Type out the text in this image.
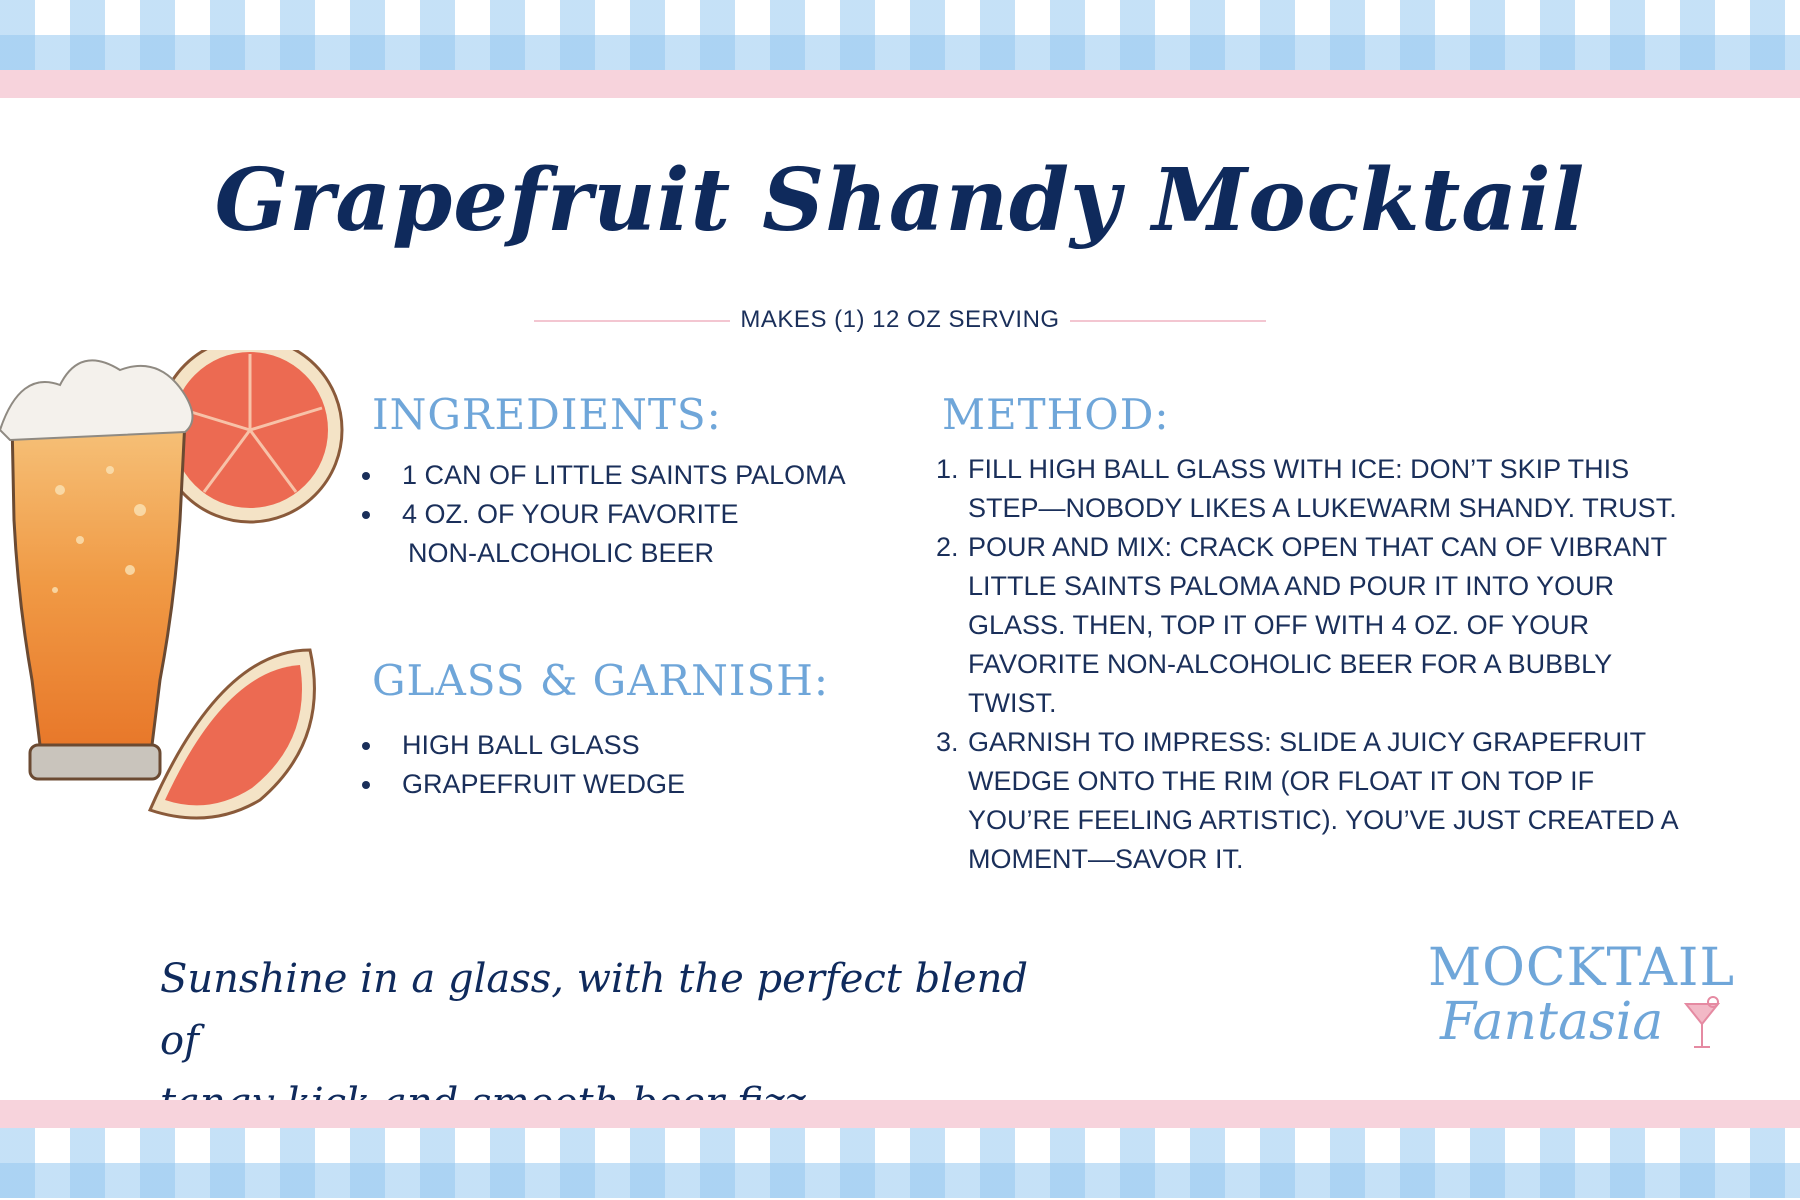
Grapefruit Shandy Mocktail
MAKES (1) 12 OZ SERVING
INGREDIENTS:
1 CAN OF LITTLE SAINTS PALOMA
4 OZ. OF YOUR FAVORITE
NON-ALCOHOLIC BEER
GLASS & GARNISH:
HIGH BALL GLASS
GRAPEFRUIT WEDGE
METHOD:
1. FILL HIGH BALL GLASS WITH ICE: DON’T SKIP THIS
STEP—NOBODY LIKES A LUKEWARM SHANDY. TRUST.
2. POUR AND MIX: CRACK OPEN THAT CAN OF VIBRANT
LITTLE SAINTS PALOMA AND POUR IT INTO YOUR
GLASS. THEN, TOP IT OFF WITH 4 OZ. OF YOUR
FAVORITE NON-ALCOHOLIC BEER FOR A BUBBLY
TWIST.
3. GARNISH TO IMPRESS: SLIDE A JUICY GRAPEFRUIT
WEDGE ONTO THE RIM (OR FLOAT IT ON TOP IF
YOU’RE FEELING ARTISTIC). YOU’VE JUST CREATED A
MOMENT—SAVOR IT.
Sunshine in a glass, with the perfect blend of
MOCKTAIL
Fantasia
